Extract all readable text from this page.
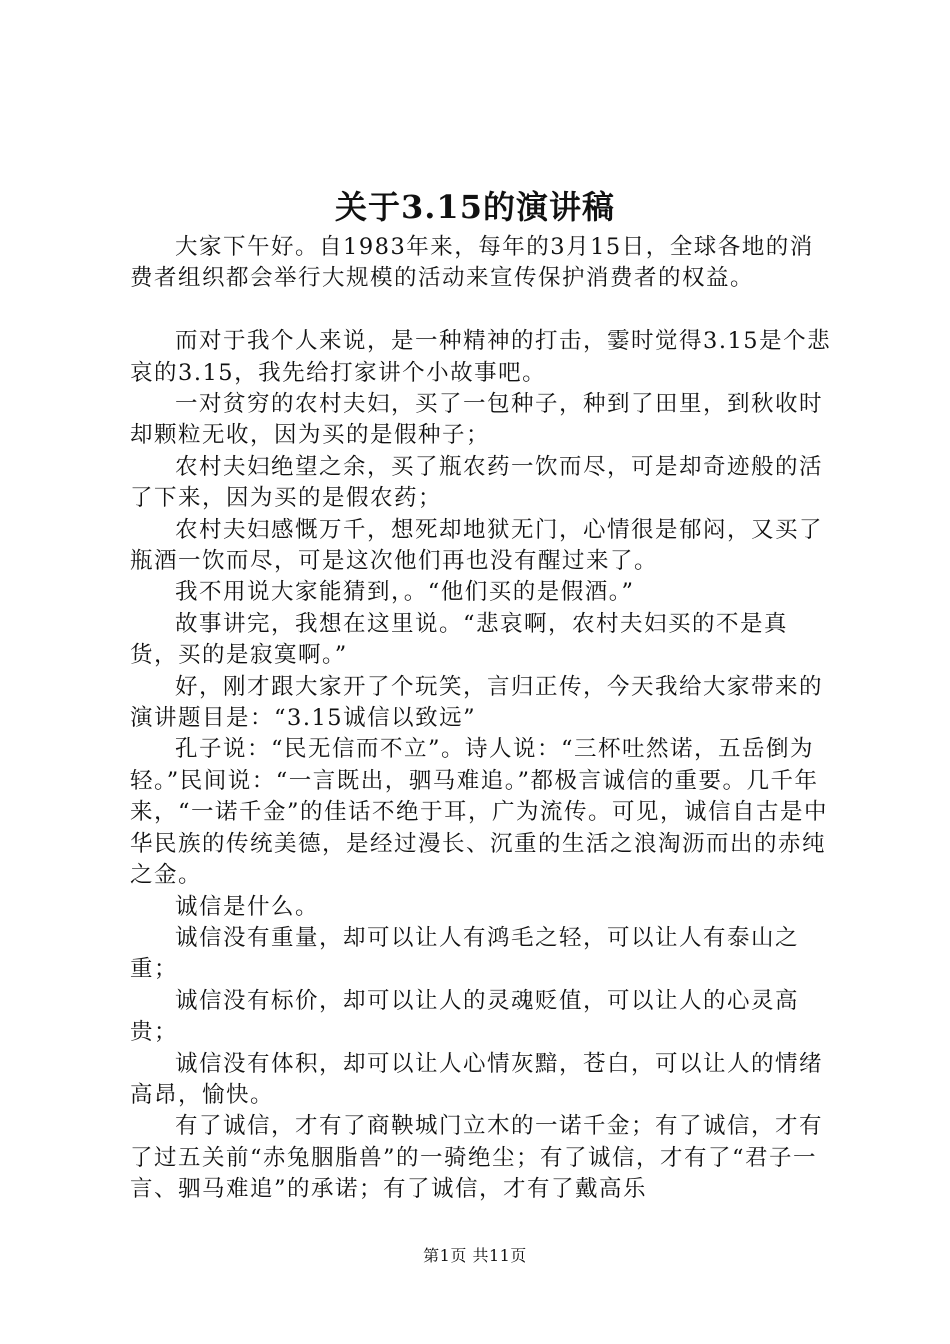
关于3.15的演讲稿

大家下午好。自1983年来，每年的3月15日，全球各地的消费者组织都会举行大规模的活动来宣传保护消费者的权益。

而对于我个人来说，是一种精神的打击，霎时觉得3.15是个悲哀的3.15，我先给打家讲个小故事吧。

一对贫穷的农村夫妇，买了一包种子，种到了田里，到秋收时却颗粒无收，因为买的是假种子；

农村夫妇绝望之余，买了瓶农药一饮而尽，可是却奇迹般的活了下来，因为买的是假农药；

农村夫妇感慨万千，想死却地狱无门，心情很是郁闷，又买了瓶酒一饮而尽，可是这次他们再也没有醒过来了。

我不用说大家能猜到，。“他们买的是假酒。”

故事讲完，我想在这里说。“悲哀啊，农村夫妇买的不是真货，买的是寂寞啊。”

好，刚才跟大家开了个玩笑，言归正传，今天我给大家带来的演讲题目是：“3.15诚信以致远”

孔子说：“民无信而不立”。诗人说：“三杯吐然诺，五岳倒为轻。”民间说：“一言既出，驷马难追。”都极言诚信的重要。几千年来，“一诺千金”的佳话不绝于耳，广为流传。可见，诚信自古是中华民族的传统美德，是经过漫长、沉重的生活之浪淘沥而出的赤纯之金。

诚信是什么。

诚信没有重量，却可以让人有鸿毛之轻，可以让人有泰山之重；

诚信没有标价，却可以让人的灵魂贬值，可以让人的心灵高贵；

诚信没有体积，却可以让人心情灰黯，苍白，可以让人的情绪高昂，愉快。

有了诚信，才有了商鞅城门立木的一诺千金；有了诚信，才有了过五关前“赤兔胭脂兽”的一骑绝尘；有了诚信，才有了“君子一言、驷马难追”的承诺；有了诚信，才有了戴高乐

第1页 共11页
